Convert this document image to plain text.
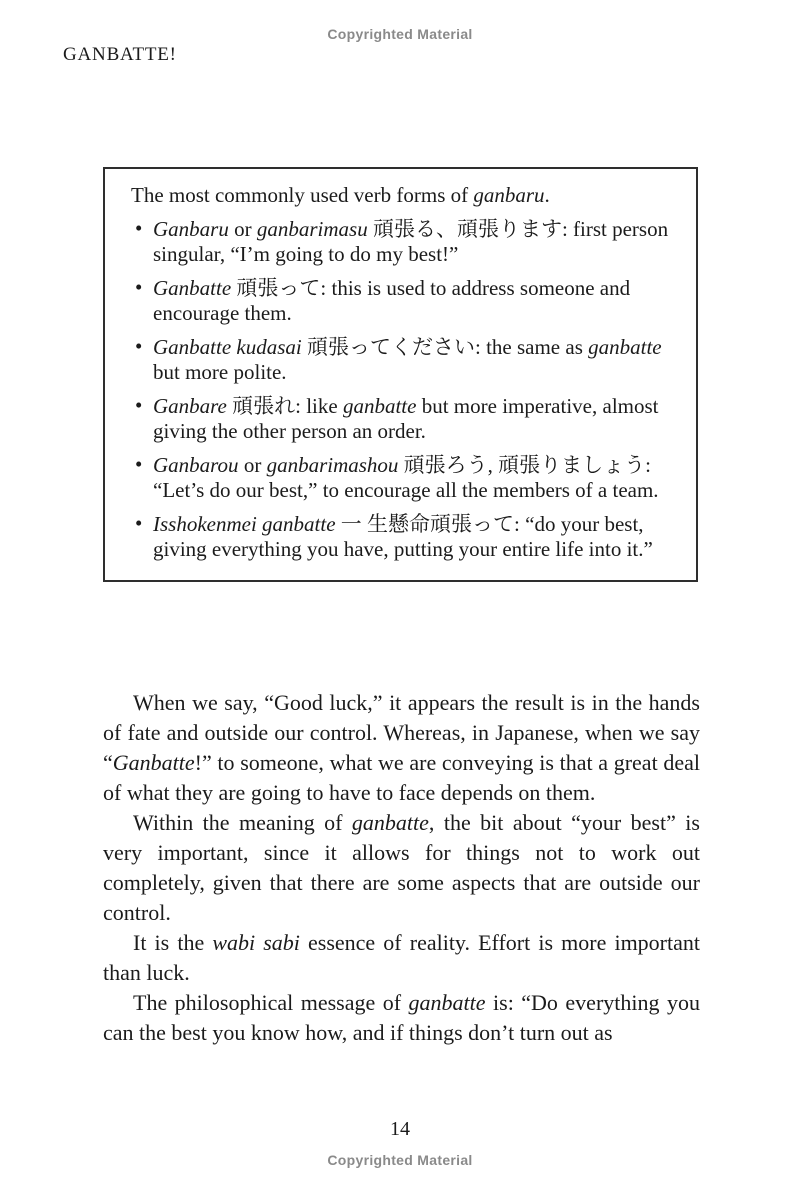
Copyrighted Material
GANBATTE!

The most commonly used verb forms of ganbaru.

• Ganbaru or ganbarimasu 頑張る、頑張ります: first person singular, “I’m going to do my best!”
• Ganbatte 頑張って: this is used to address someone and encourage them.
• Ganbatte kudasai 頑張ってください: the same as ganbatte but more polite.
• Ganbare 頑張れ: like ganbatte but more imperative, almost giving the other person an order.
• Ganbarou or ganbarimashou 頑張ろう, 頑張りましょう: “Let’s do our best,” to encourage all the members of a team.
• Isshokenmei ganbatte 一 生懸命頑張って: “do your best, giving everything you have, putting your entire life into it.”

When we say, “Good luck,” it appears the result is in the hands of fate and outside our control. Whereas, in Japanese, when we say “Ganbatte!” to someone, what we are conveying is that a great deal of what they are going to have to face depends on them.

Within the meaning of ganbatte, the bit about “your best” is very important, since it allows for things not to work out completely, given that there are some aspects that are outside our control.

It is the wabi sabi essence of reality. Effort is more important than luck.

The philosophical message of ganbatte is: “Do everything you can the best you know how, and if things don’t turn out as

14
Copyrighted Material
